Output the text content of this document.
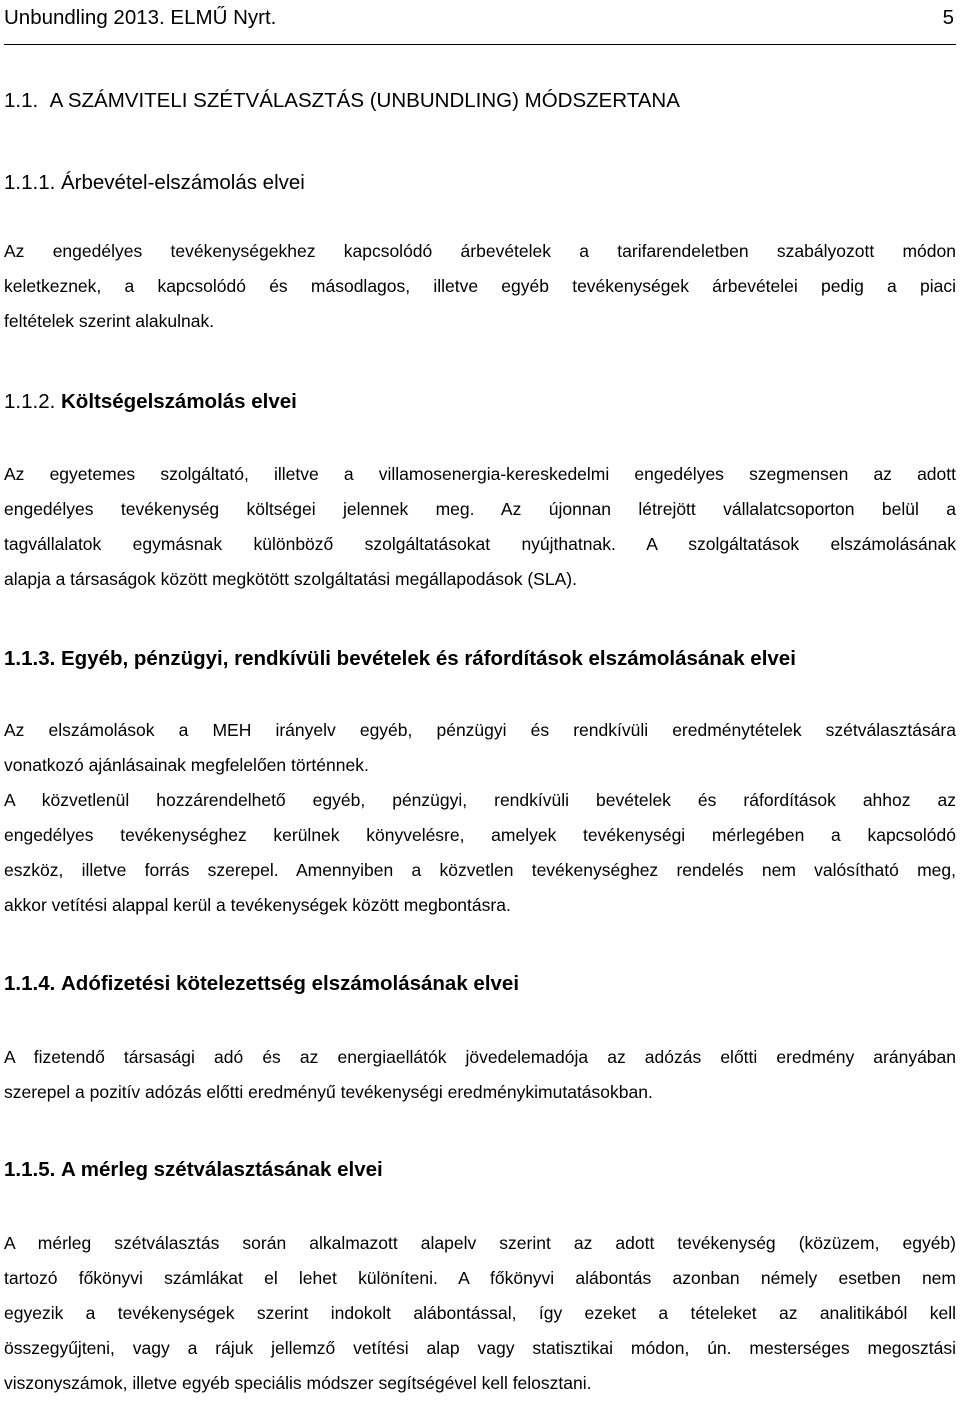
Unbundling 2013. ELMŰ Nyrt.	5
1.1. A SZÁMVITELI SZÉTVÁLASZTÁS (UNBUNDLING) MÓDSZERTANA
1.1.1. Árbevétel-elszámolás elvei
Az engedélyes tevékenységekhez kapcsolódó árbevételek a tarifarendeletben szabályozott módon
keletkeznek, a kapcsolódó és másodlagos, illetve egyéb tevékenységek árbevételei pedig a piaci
feltételek szerint alakulnak.
1.1.2. Költségelszámolás elvei
Az egyetemes szolgáltató, illetve a villamosenergia-kereskedelmi engedélyes szegmensen az adott
engedélyes tevékenység költségei jelennek meg. Az újonnan létrejött vállalatcsoporton belül a
tagvállalatok egymásnak különböző szolgáltatásokat nyújthatnak. A szolgáltatások elszámolásának
alapja a társaságok között megkötött szolgáltatási megállapodások (SLA).
1.1.3. Egyéb, pénzügyi, rendkívüli bevételek és ráfordítások elszámolásának elvei
Az elszámolások a MEH irányelv egyéb, pénzügyi és rendkívüli eredménytételek szétválasztására
vonatkozó ajánlásainak megfelelően történnek.
A közvetlenül hozzárendelhető egyéb, pénzügyi, rendkívüli bevételek és ráfordítások ahhoz az
engedélyes tevékenységhez kerülnek könyvelésre, amelyek tevékenységi mérlegében a kapcsolódó
eszköz, illetve forrás szerepel. Amennyiben a közvetlen tevékenységhez rendelés nem valósítható meg,
akkor vetítési alappal kerül a tevékenységek között megbontásra.
1.1.4. Adófizetési kötelezettség elszámolásának elvei
A fizetendő társasági adó és az energiaellátók jövedelemadója az adózás előtti eredmény arányában
szerepel a pozitív adózás előtti eredményű tevékenységi eredménykimutatásokban.
1.1.5. A mérleg szétválasztásának elvei
A mérleg szétválasztás során alkalmazott alapelv szerint az adott tevékenység (közüzem, egyéb)
tartozó főkönyvi számlákat el lehet különíteni. A főkönyvi alábontás azonban némely esetben nem
egyezik a tevékenységek szerint indokolt alábontással, így ezeket a tételeket az analitikából kell
összegyűjteni, vagy a rájuk jellemző vetítési alap vagy statisztikai módon, ún. mesterséges megosztási
viszonyszámok, illetve egyéb speciális módszer segítségével kell felosztani.
